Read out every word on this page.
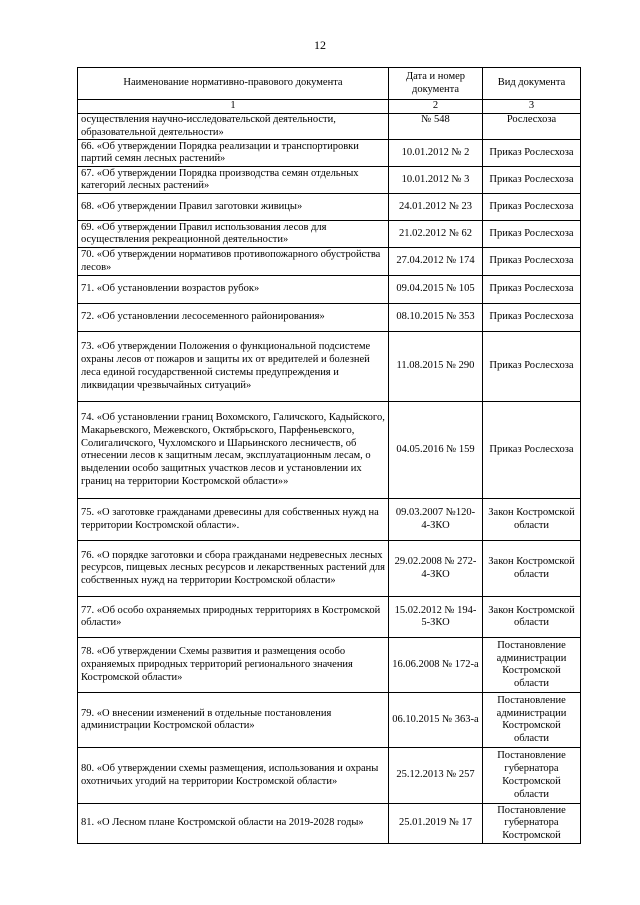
12
Наименование нормативно-правового документа	Дата и номер документа	Вид документа
1	2	3
осуществления научно-исследовательской деятельности, образовательной деятельности»	№ 548	Рослесхоза
66. «Об утверждении Порядка реализации и транспортировки партий семян лесных растений»	10.01.2012 № 2	Приказ Рослесхоза
67. «Об утверждении Порядка производства семян отдельных категорий лесных растений»	10.01.2012 № 3	Приказ Рослесхоза
68. «Об утверждении Правил заготовки живицы»	24.01.2012 № 23	Приказ Рослесхоза
69. «Об утверждении Правил использования лесов для осуществления рекреационной деятельности»	21.02.2012 № 62	Приказ Рослесхоза
70. «Об утверждении нормативов противопожарного обустройства лесов»	27.04.2012 № 174	Приказ Рослесхоза
71. «Об установлении возрастов рубок»	09.04.2015 № 105	Приказ Рослесхоза
72. «Об установлении лесосеменного районирования»	08.10.2015 № 353	Приказ Рослесхоза
73. «Об утверждении Положения о функциональной подсистеме охраны лесов от пожаров и защиты их от вредителей и болезней леса единой государственной системы предупреждения и ликвидации чрезвычайных ситуаций»	11.08.2015 № 290	Приказ Рослесхоза
74. «Об установлении границ Вохомского, Галичского, Кадыйского, Макарьевского, Межевского, Октябрьского, Парфеньевского, Солигаличского, Чухломского и Шарьинского лесничеств, об отнесении лесов к защитным лесам, эксплуатационным лесам, о выделении особо защитных участков лесов и установлении их границ на территории Костромской области»»	04.05.2016 № 159	Приказ Рослесхоза
75. «О заготовке гражданами древесины для собственных нужд на территории Костромской области».	09.03.2007 №120-4-ЗКО	Закон Костромской области
76. «О порядке заготовки и сбора гражданами недревесных лесных ресурсов, пищевых лесных ресурсов и лекарственных растений для собственных нужд на территории Костромской области»	29.02.2008 № 272-4-ЗКО	Закон Костромской области
77. «Об особо охраняемых природных территориях в Костромской области»	15.02.2012 № 194-5-ЗКО	Закон Костромской области
78. «Об утверждении Схемы развития и размещения особо охраняемых природных территорий регионального значения Костромской области»	16.06.2008 № 172-а	Постановление администрации Костромской области
79. «О внесении изменений в отдельные постановления администрации Костромской области»	06.10.2015 № 363-а	Постановление администрации Костромской области
80. «Об утверждении схемы размещения, использования и охраны охотничьих угодий на территории Костромской области»	25.12.2013 № 257	Постановление губернатора Костромской области
81. «О Лесном плане Костромской области на 2019-2028 годы»	25.01.2019 № 17	Постановление губернатора Костромской
